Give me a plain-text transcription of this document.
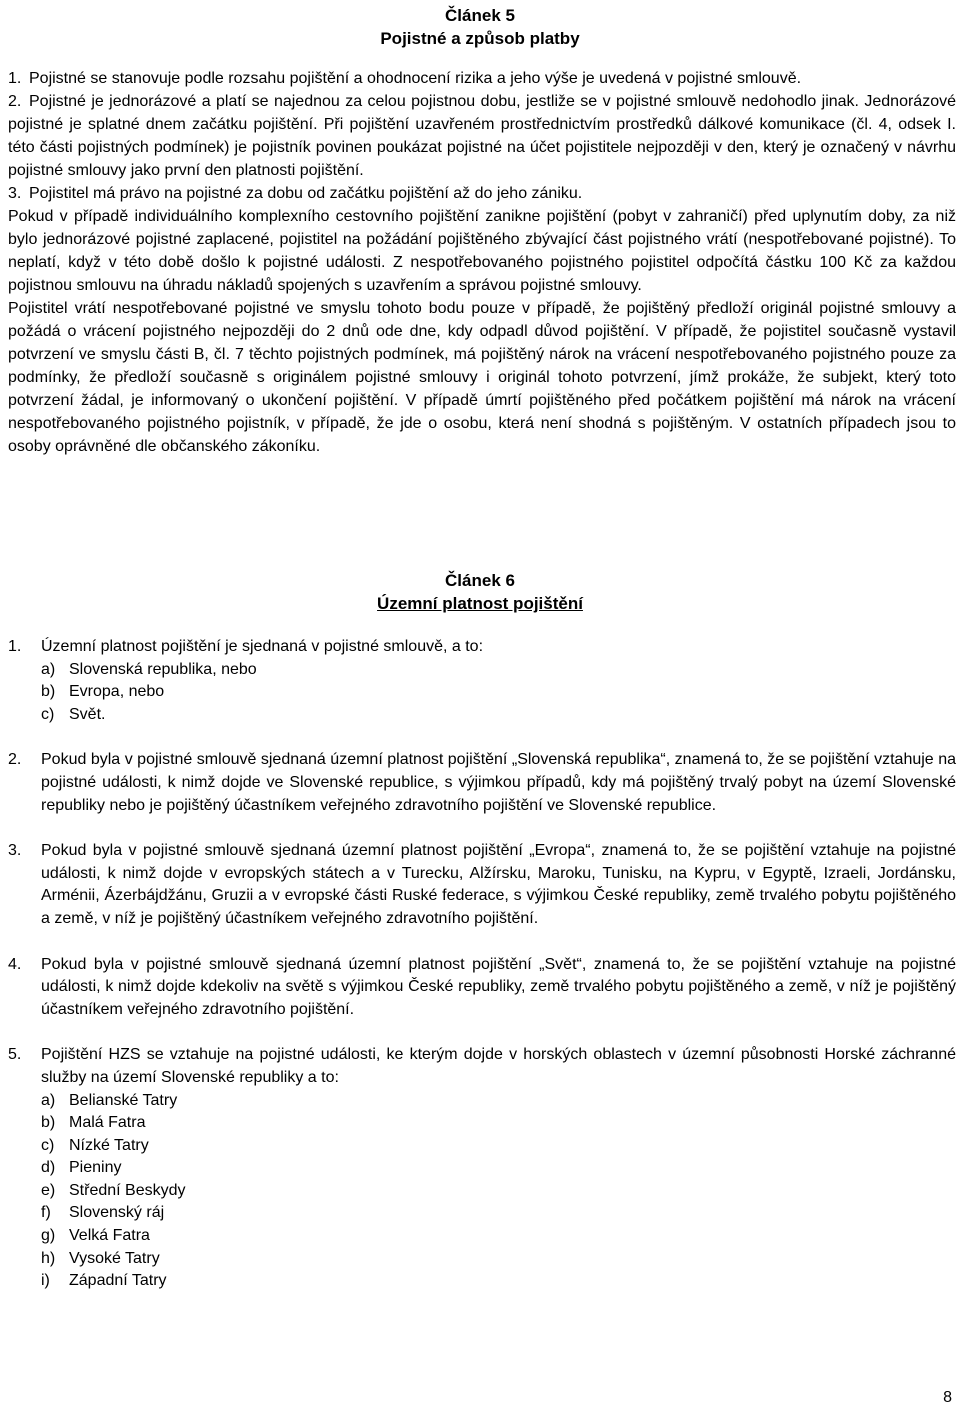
Článek 5
Pojistné a způsob platby

1. Pojistné se stanovuje podle rozsahu pojištění a ohodnocení rizika a jeho výše je uvedená v pojistné smlouvě.

2. Pojistné je jednorázové a platí se najednou za celou pojistnou dobu, jestliže se v pojistné smlouvě nedohodlo jinak. Jednorázové pojistné je splatné dnem začátku pojištění. Při pojištění uzavřeném prostřednictvím prostředků dálkové komunikace (čl. 4, odsek I. této části pojistných podmínek) je pojistník povinen poukázat pojistné na účet pojistitele nejpozději v den, který je označený v návrhu pojistné smlouvy jako první den platnosti pojištění.

3. Pojistitel má právo na pojistné za dobu od začátku pojištění až do jeho zániku.

Pokud v případě individuálního komplexního cestovního pojištění zanikne pojištění (pobyt v zahraničí) před uplynutím doby, za niž bylo jednorázové pojistné zaplacené, pojistitel na požádání pojištěného zbývající část pojistného vrátí (nespotřebované pojistné). To neplatí, když v této době došlo k pojistné události. Z nespotřebovaného pojistného pojistitel odpočítá částku 100 Kč za každou pojistnou smlouvu na úhradu nákladů spojených s uzavřením a správou pojistné smlouvy.

Pojistitel vrátí nespotřebované pojistné ve smyslu tohoto bodu pouze v případě, že pojištěný předloží originál pojistné smlouvy a požádá o vrácení pojistného nejpozději do 2 dnů ode dne, kdy odpadl důvod pojištění. V případě, že pojistitel současně vystavil potvrzení ve smyslu části B, čl. 7 těchto pojistných podmínek, má pojištěný nárok na vrácení nespotřebovaného pojistného pouze za podmínky, že předloží současně s originálem pojistné smlouvy i originál tohoto potvrzení, jímž prokáže, že subjekt, který toto potvrzení žádal, je informovaný o ukončení pojištění. V případě úmrtí pojištěného před počátkem pojištění má nárok na vrácení nespotřebovaného pojistného pojistník, v případě, že jde o osobu, která není shodná s pojištěným. V ostatních případech jsou to osoby oprávněné dle občanského zákoníku.

Článek 6
Územní platnost pojištění
1. Územní platnost pojištění je sjednaná v pojistné smlouvě, a to:

a) Slovenská republika, nebo
b) Evropa, nebo
c) Svět.
2. Pokud byla v pojistné smlouvě sjednaná územní platnost pojištění „Slovenská republika“, znamená to, že se pojištění vztahuje na pojistné události, k nimž dojde ve Slovenské republice, s výjimkou případů, kdy má pojištěný trvalý pobyt na území Slovenské republiky nebo je pojištěný účastníkem veřejného zdravotního pojištění ve Slovenské republice.

3. Pokud byla v pojistné smlouvě sjednaná územní platnost pojištění „Evropa“, znamená to, že se pojištění vztahuje na pojistné události, k nimž dojde v evropských státech a v Turecku, Alžírsku, Maroku, Tunisku, na Kypru, v Egyptě, Izraeli, Jordánsku, Arménii, Ázerbájdžánu, Gruzii a v evropské části Ruské federace, s výjimkou České republiky, země trvalého pobytu pojištěného a země, v níž je pojištěný účastníkem veřejného zdravotního pojištění.

4. Pokud byla v pojistné smlouvě sjednaná územní platnost pojištění „Svět“, znamená to, že se pojištění vztahuje na pojistné události, k nimž dojde kdekoliv na světě s výjimkou České republiky, země trvalého pobytu pojištěného a země, v níž je pojištěný účastníkem veřejného zdravotního pojištění.

5. Pojištění HZS se vztahuje na pojistné události, ke kterým dojde v horských oblastech v územní působnosti Horské záchranné služby na území Slovenské republiky a to:

a) Belianské Tatry
b) Malá Fatra
c) Nízké Tatry
d) Pieniny
e) Střední Beskydy
f) Slovenský ráj
g) Velká Fatra
h) Vysoké Tatry
i) Západní Tatry
8
